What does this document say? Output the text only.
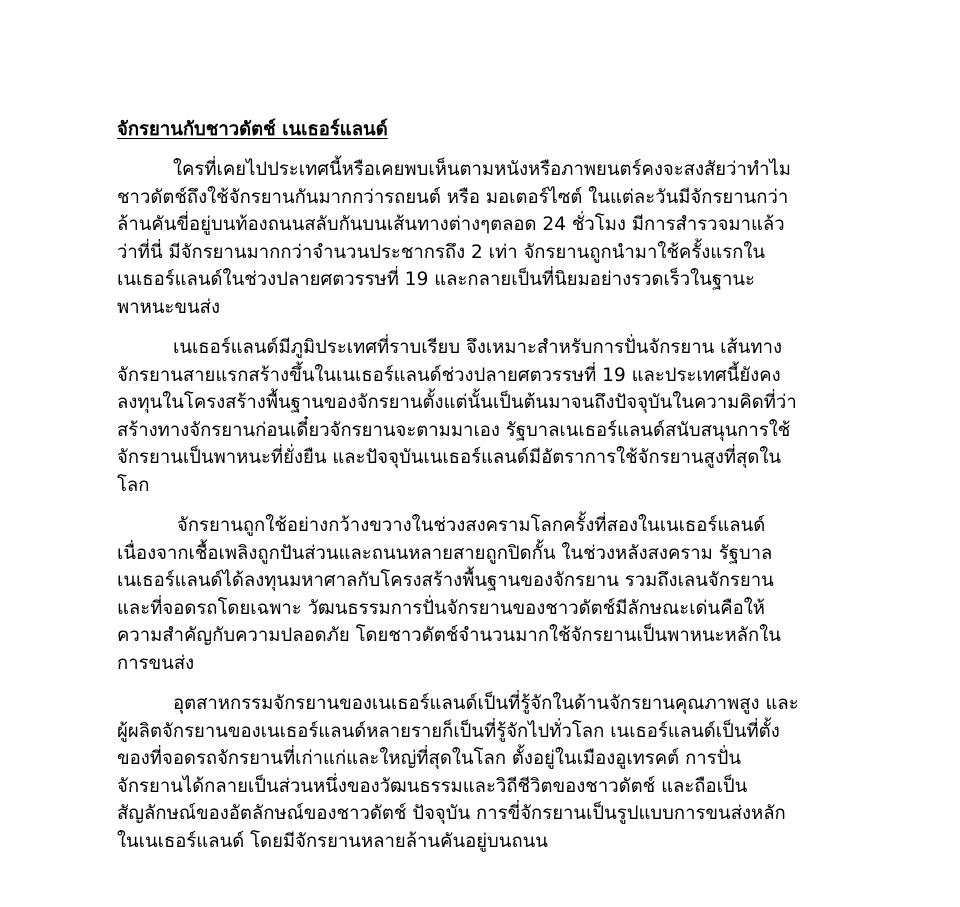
จักรยานกับชาวดัตช์ เนเธอร์แลนด์
ใครที่เคยไปประเทศนี้หรือเคยพบเห็นตามหนังหรือภาพยนตร์คงจะสงสัยว่าทำไม
ชาวดัตช์ถึงใช้จักรยานกันมากกว่ารถยนต์ หรือ มอเตอร์ไซต์ ในแต่ละวันมีจักรยานกว่า
ล้านคันขี่อยู่บนท้องถนนสลับกันบนเส้นทางต่างๆตลอด 24 ชั่วโมง มีการสำรวจมาแล้ว
ว่าที่นี่ มีจักรยานมากกว่าจำนวนประชากรถึง 2 เท่า จักรยานถูกนำมาใช้ครั้งแรกใน
เนเธอร์แลนด์ในช่วงปลายศตวรรษที่ 19 และกลายเป็นที่นิยมอย่างรวดเร็วในฐานะ
พาหนะขนส่ง
เนเธอร์แลนด์มีภูมิประเทศที่ราบเรียบ จึงเหมาะสำหรับการปั่นจักรยาน เส้นทาง
จักรยานสายแรกสร้างขึ้นในเนเธอร์แลนด์ช่วงปลายศตวรรษที่ 19 และประเทศนี้ยังคง
ลงทุนในโครงสร้างพื้นฐานของจักรยานตั้งแต่นั้นเป็นต้นมาจนถึงปัจจุบันในความคิดที่ว่า
สร้างทางจักรยานก่อนเดี๋ยวจักรยานจะตามมาเอง รัฐบาลเนเธอร์แลนด์สนับสนุนการใช้
จักรยานเป็นพาหนะที่ยั่งยืน และปัจจุบันเนเธอร์แลนด์มีอัตราการใช้จักรยานสูงที่สุดใน
โลก
จักรยานถูกใช้อย่างกว้างขวางในช่วงสงครามโลกครั้งที่สองในเนเธอร์แลนด์
เนื่องจากเชื้อเพลิงถูกปันส่วนและถนนหลายสายถูกปิดกั้น ในช่วงหลังสงคราม รัฐบาล
เนเธอร์แลนด์ได้ลงทุนมหาศาลกับโครงสร้างพื้นฐานของจักรยาน รวมถึงเลนจักรยาน
และที่จอดรถโดยเฉพาะ วัฒนธรรมการปั่นจักรยานของชาวดัตช์มีลักษณะเด่นคือให้
ความสำคัญกับความปลอดภัย โดยชาวดัตช์จำนวนมากใช้จักรยานเป็นพาหนะหลักใน
การขนส่ง
อุตสาหกรรมจักรยานของเนเธอร์แลนด์เป็นที่รู้จักในด้านจักรยานคุณภาพสูง และ
ผู้ผลิตจักรยานของเนเธอร์แลนด์หลายรายก็เป็นที่รู้จักไปทั่วโลก เนเธอร์แลนด์เป็นที่ตั้ง
ของที่จอดรถจักรยานที่เก่าแก่และใหญ่ที่สุดในโลก ตั้งอยู่ในเมืองอูเทรคต์ การปั่น
จักรยานได้กลายเป็นส่วนหนึ่งของวัฒนธรรมและวิถีชีวิตของชาวดัตช์ และถือเป็น
สัญลักษณ์ของอัตลักษณ์ของชาวดัตช์ ปัจจุบัน การขี่จักรยานเป็นรูปแบบการขนส่งหลัก
ในเนเธอร์แลนด์ โดยมีจักรยานหลายล้านคันอยู่บนถนน
